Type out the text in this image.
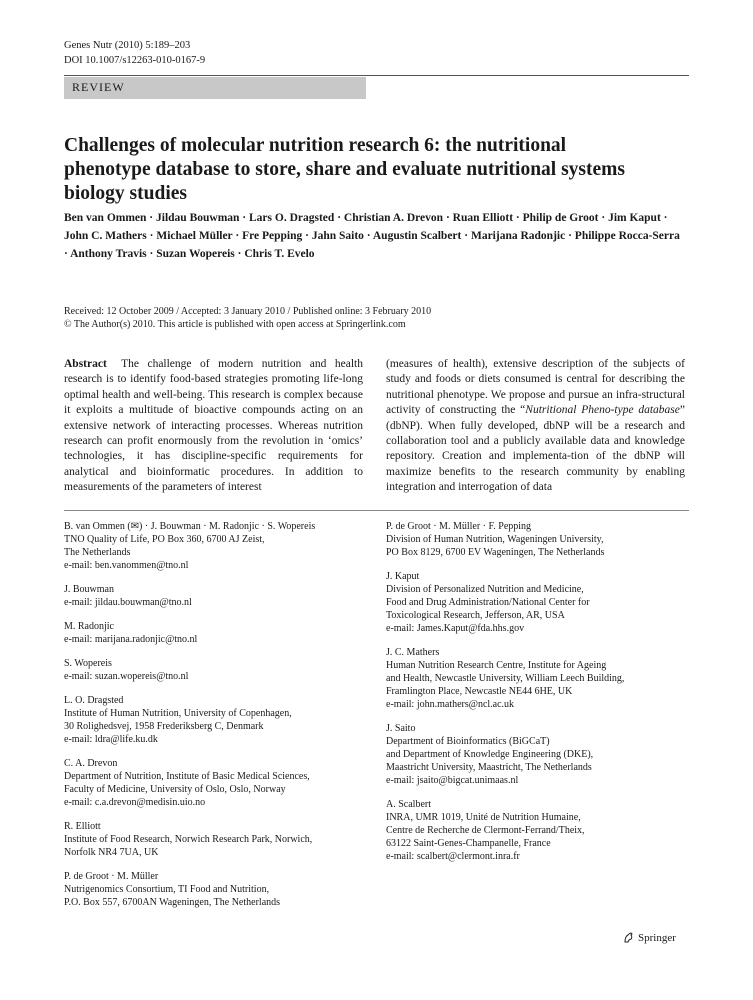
Genes Nutr (2010) 5:189–203
DOI 10.1007/s12263-010-0167-9
REVIEW
Challenges of molecular nutrition research 6: the nutritional phenotype database to store, share and evaluate nutritional systems biology studies
Ben van Ommen · Jildau Bouwman · Lars O. Dragsted · Christian A. Drevon · Ruan Elliott · Philip de Groot · Jim Kaput · John C. Mathers · Michael Müller · Fre Pepping · Jahn Saito · Augustin Scalbert · Marijana Radonjic · Philippe Rocca-Serra · Anthony Travis · Suzan Wopereis · Chris T. Evelo
Received: 12 October 2009 / Accepted: 3 January 2010 / Published online: 3 February 2010
© The Author(s) 2010. This article is published with open access at Springerlink.com
Abstract The challenge of modern nutrition and health research is to identify food-based strategies promoting life-long optimal health and well-being. This research is complex because it exploits a multitude of bioactive compounds acting on an extensive network of interacting processes. Whereas nutrition research can profit enormously from the revolution in ‘omics’ technologies, it has discipline-specific requirements for analytical and bioinformatic procedures. In addition to measurements of the parameters of interest
(measures of health), extensive description of the subjects of study and foods or diets consumed is central for describing the nutritional phenotype. We propose and pursue an infra-structural activity of constructing the “Nutritional Pheno-type database” (dbNP). When fully developed, dbNP will be a research and collaboration tool and a publicly available data and knowledge repository. Creation and implementa-tion of the dbNP will maximize benefits to the research community by enabling integration and interrogation of data
B. van Ommen (✉) · J. Bouwman · M. Radonjic · S. Wopereis
TNO Quality of Life, PO Box 360, 6700 AJ Zeist,
The Netherlands
e-mail: ben.vanommen@tno.nl
J. Bouwman
e-mail: jildau.bouwman@tno.nl
M. Radonjic
e-mail: marijana.radonjic@tno.nl
S. Wopereis
e-mail: suzan.wopereis@tno.nl
L. O. Dragsted
Institute of Human Nutrition, University of Copenhagen,
30 Rolighedsvej, 1958 Frederiksberg C, Denmark
e-mail: ldra@life.ku.dk
C. A. Drevon
Department of Nutrition, Institute of Basic Medical Sciences,
Faculty of Medicine, University of Oslo, Oslo, Norway
e-mail: c.a.drevon@medisin.uio.no
R. Elliott
Institute of Food Research, Norwich Research Park, Norwich,
Norfolk NR4 7UA, UK
P. de Groot · M. Müller
Nutrigenomics Consortium, TI Food and Nutrition,
P.O. Box 557, 6700AN Wageningen, The Netherlands
P. de Groot · M. Müller · F. Pepping
Division of Human Nutrition, Wageningen University,
PO Box 8129, 6700 EV Wageningen, The Netherlands
J. Kaput
Division of Personalized Nutrition and Medicine,
Food and Drug Administration/National Center for
Toxicological Research, Jefferson, AR, USA
e-mail: James.Kaput@fda.hhs.gov
J. C. Mathers
Human Nutrition Research Centre, Institute for Ageing
and Health, Newcastle University, William Leech Building,
Framlington Place, Newcastle NE44 6HE, UK
e-mail: john.mathers@ncl.ac.uk
J. Saito
Department of Bioinformatics (BiGCaT)
and Department of Knowledge Engineering (DKE),
Maastricht University, Maastricht, The Netherlands
e-mail: jsaito@bigcat.unimaas.nl
A. Scalbert
INRA, UMR 1019, Unité de Nutrition Humaine,
Centre de Recherche de Clermont-Ferrand/Theix,
63122 Saint-Genes-Champanelle, France
e-mail: scalbert@clermont.inra.fr
Springer
